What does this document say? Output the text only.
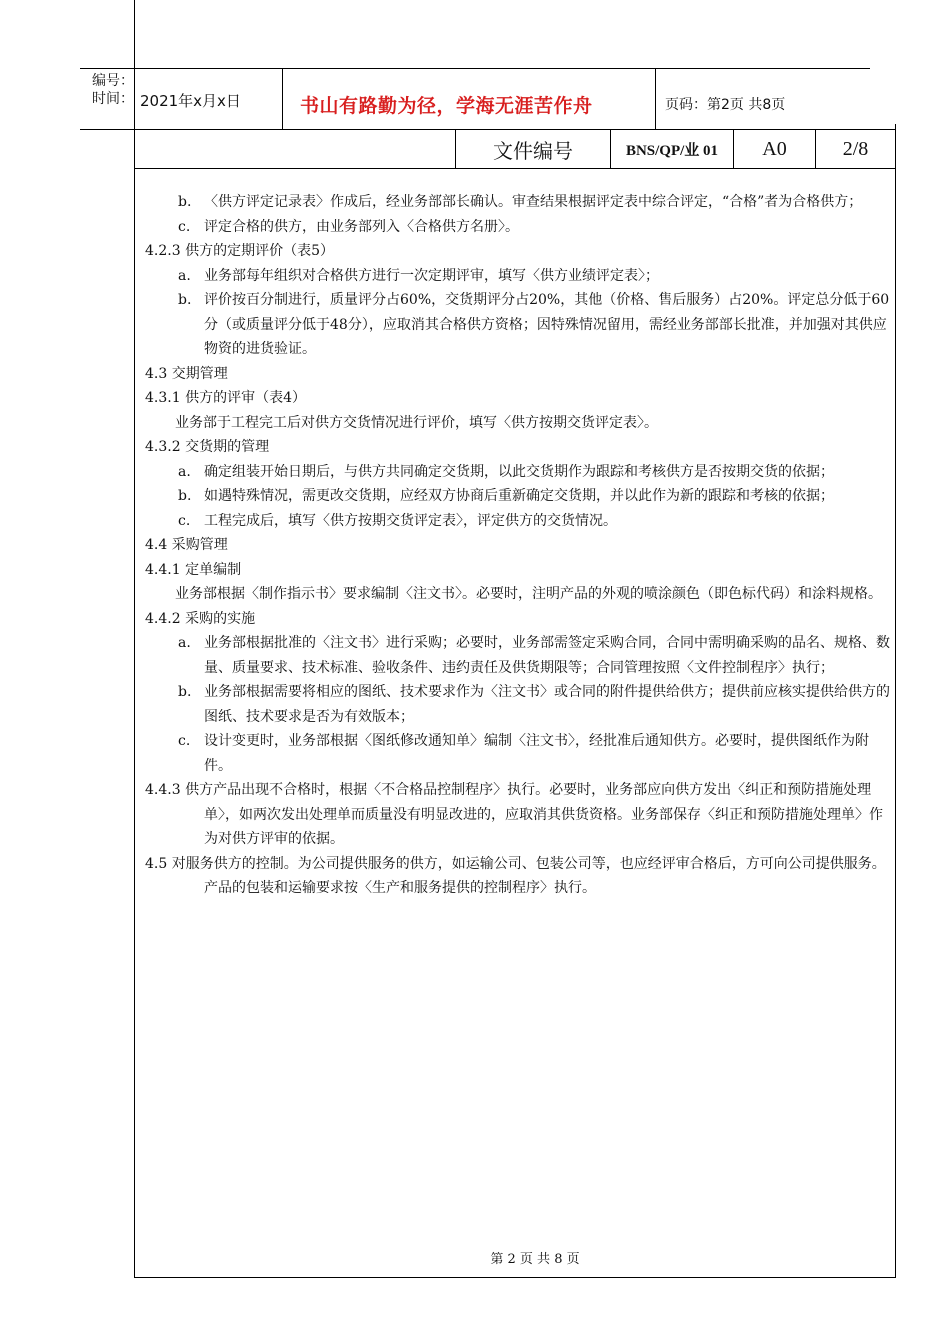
编号：
时间： 2021年x月x日	书山有路勤为径，学海无涯苦作舟	页码：第2页 共8页
文件编号	BNS/QP/业 01	A0	2/8

b. 〈供方评定记录表〉作成后，经业务部部长确认。审查结果根据评定表中综合评定，“合格”者为合格供方；

c. 评定合格的供方，由业务部列入〈合格供方名册〉。

4.2.3 供方的定期评价（表5）

a. 业务部每年组织对合格供方进行一次定期评审，填写〈供方业绩评定表〉；

b. 评价按百分制进行，质量评分占60%，交货期评分占20%，其他（价格、售后服务）占20%。评定总分低于60分（或质量评分低于48分），应取消其合格供方资格；因特殊情况留用，需经业务部部长批准，并加强对其供应物资的进货验证。

4.3 交期管理

4.3.1 供方的评审（表4）

业务部于工程完工后对供方交货情况进行评价，填写〈供方按期交货评定表〉。

4.3.2 交货期的管理

a. 确定组装开始日期后，与供方共同确定交货期，以此交货期作为跟踪和考核供方是否按期交货的依据；

b. 如遇特殊情况，需更改交货期，应经双方协商后重新确定交货期，并以此作为新的跟踪和考核的依据；

c. 工程完成后，填写〈供方按期交货评定表〉，评定供方的交货情况。

4.4 采购管理

4.4.1 定单编制

业务部根据〈制作指示书〉要求编制〈注文书〉。必要时，注明产品的外观的喷涂颜色（即色标代码）和涂料规格。

4.4.2 采购的实施

a. 业务部根据批准的〈注文书〉进行采购；必要时，业务部需签定采购合同，合同中需明确采购的品名、规格、数量、质量要求、技术标准、验收条件、违约责任及供货期限等；合同管理按照〈文件控制程序〉执行；

b. 业务部根据需要将相应的图纸、技术要求作为〈注文书〉或合同的附件提供给供方；提供前应核实提供给供方的图纸、技术要求是否为有效版本；

c. 设计变更时，业务部根据〈图纸修改通知单〉编制〈注文书〉，经批准后通知供方。必要时，提供图纸作为附件。

4.4.3 供方产品出现不合格时，根据〈不合格品控制程序〉执行。必要时，业务部应向供方发出〈纠正和预防措施处理单〉，如两次发出处理单而质量没有明显改进的，应取消其供货资格。业务部保存〈纠正和预防措施处理单〉作为对供方评审的依据。

4.5 对服务供方的控制。为公司提供服务的供方，如运输公司、包装公司等，也应经评审合格后，方可向公司提供服务。产品的包装和运输要求按〈生产和服务提供的控制程序〉执行。

第 2 页 共 8 页
